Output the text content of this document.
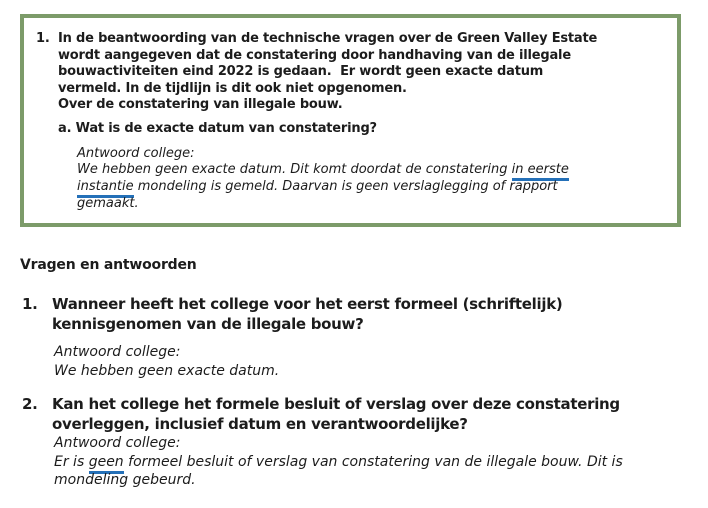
1. In de beantwoording van de technische vragen over de Green Valley Estate
wordt aangegeven dat de constatering door handhaving van de illegale
bouwactiviteiten eind 2022 is gedaan.  Er wordt geen exacte datum
vermeld. In de tijdlijn is dit ook niet opgenomen.
Over de constatering van illegale bouw.
a. Wat is de exacte datum van constatering?
Antwoord college:
We hebben geen exacte datum. Dit komt doordat de constatering in eerste
instantie mondeling is gemeld. Daarvan is geen verslaglegging of rapport
gemaakt.
Vragen en antwoorden
1. Wanneer heeft het college voor het eerst formeel (schriftelijk)
kennisgenomen van de illegale bouw?
Antwoord college:
We hebben geen exacte datum.
2. Kan het college het formele besluit of verslag over deze constatering
overleggen, inclusief datum en verantwoordelijke?
Antwoord college:
Er is geen formeel besluit of verslag van constatering van de illegale bouw. Dit is
mondeling gebeurd.
